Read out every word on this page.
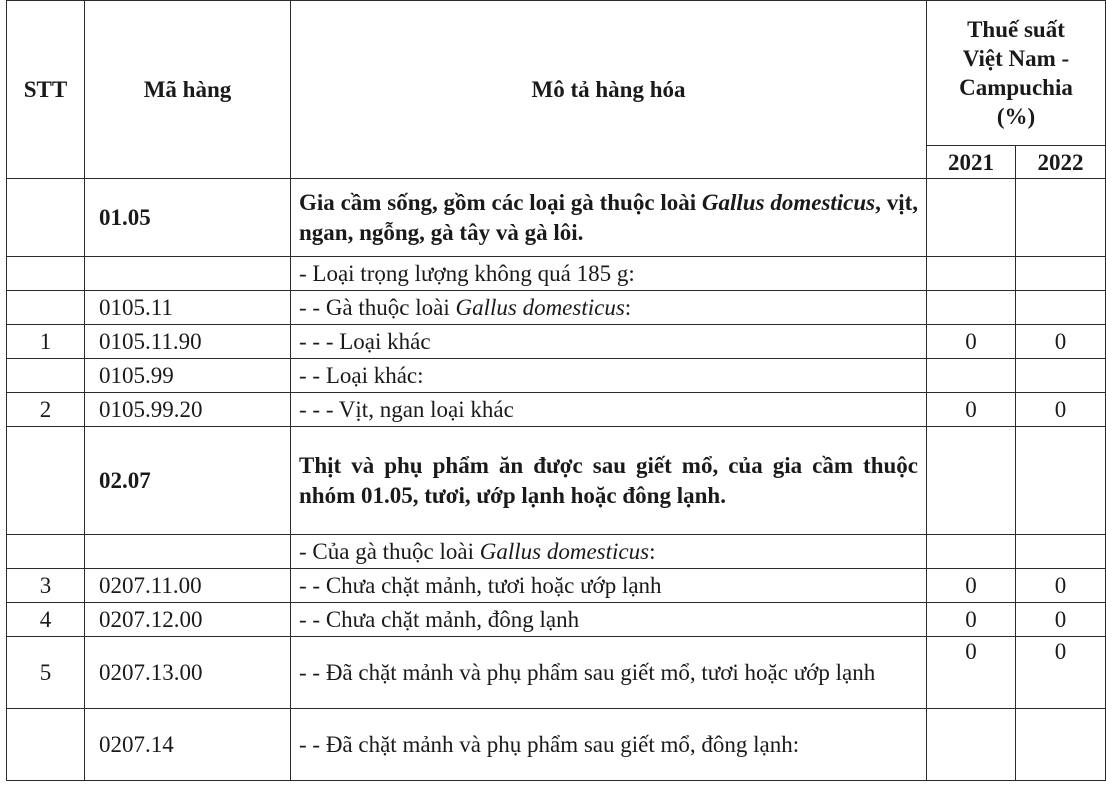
STT	Mã hàng	Mô tả hàng hóa	Thuế suất
Việt Nam -
Campuchia
(%)	

			2021	2022
	01.05	Gia cầm sống, gồm các loại gà thuộc loài Gallus domesticus, vịt, ngan, ngỗng, gà tây và gà lôi.		
		- Loại trọng lượng không quá 185 g:		
	0105.11	- - Gà thuộc loài Gallus domesticus:		
1	0105.11.90	- - - Loại khác	0	0
	0105.99	- - Loại khác:		
2	0105.99.20	- - - Vịt, ngan loại khác	0	0
	02.07	Thịt và phụ phẩm ăn được sau giết mổ, của gia cầm thuộc nhóm 01.05, tươi, ướp lạnh hoặc đông lạnh.		
		- Của gà thuộc loài Gallus domesticus:		
3	0207.11.00	- - Chưa chặt mảnh, tươi hoặc ướp lạnh	0	0
4	0207.12.00	- - Chưa chặt mảnh, đông lạnh	0	0
5	0207.13.00	- - Đã chặt mảnh và phụ phẩm sau giết mổ, tươi hoặc ướp lạnh	0	0
	0207.14	- - Đã chặt mảnh và phụ phẩm sau giết mổ, đông lạnh:		
